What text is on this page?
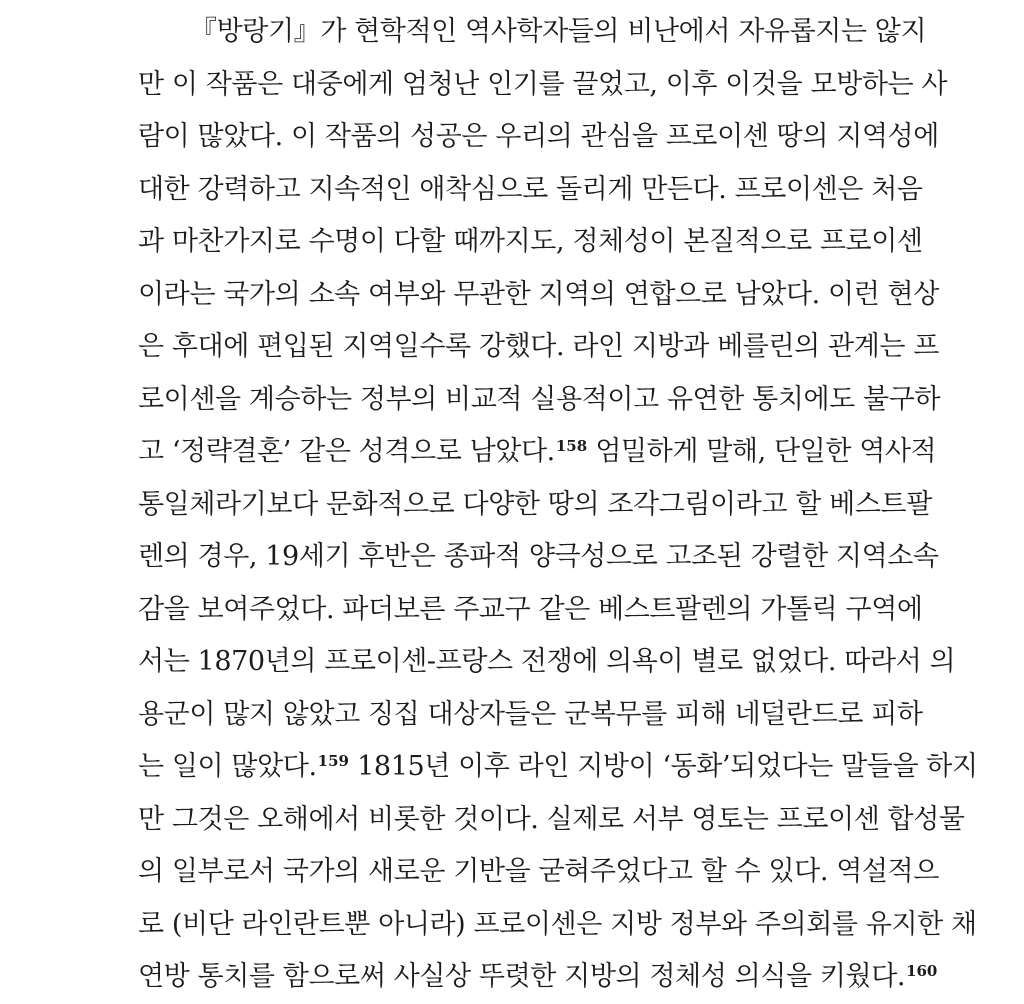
『방랑기』가 현학적인 역사학자들의 비난에서 자유롭지는 않지
만 이 작품은 대중에게 엄청난 인기를 끌었고, 이후 이것을 모방하는 사
람이 많았다. 이 작품의 성공은 우리의 관심을 프로이센 땅의 지역성에
대한 강력하고 지속적인 애착심으로 돌리게 만든다. 프로이센은 처음
과 마찬가지로 수명이 다할 때까지도, 정체성이 본질적으로 프로이센
이라는 국가의 소속 여부와 무관한 지역의 연합으로 남았다. 이런 현상
은 후대에 편입된 지역일수록 강했다. 라인 지방과 베를린의 관계는 프
로이센을 계승하는 정부의 비교적 실용적이고 유연한 통치에도 불구하
고 ‘정략결혼’ 같은 성격으로 남았다.$^{158}$ 엄밀하게 말해, 단일한 역사적
통일체라기보다 문화적으로 다양한 땅의 조각그림이라고 할 베스트팔
렌의 경우, 19세기 후반은 종파적 양극성으로 고조된 강렬한 지역소속
감을 보여주었다. 파더보른 주교구 같은 베스트팔렌의 가톨릭 구역에
서는 1870년의 프로이센-프랑스 전쟁에 의욕이 별로 없었다. 따라서 의
용군이 많지 않았고 징집 대상자들은 군복무를 피해 네덜란드로 피하
는 일이 많았다.$^{159}$ 1815년 이후 라인 지방이 ‘동화’되었다는 말들을 하지
만 그것은 오해에서 비롯한 것이다. 실제로 서부 영토는 프로이센 합성물
의 일부로서 국가의 새로운 기반을 굳혀주었다고 할 수 있다. 역설적으
로 (비단 라인란트뿐 아니라) 프로이센은 지방 정부와 주의회를 유지한 채
연방 통치를 함으로써 사실상 뚜렷한 지방의 정체성 의식을 키웠다.$^{160}$
